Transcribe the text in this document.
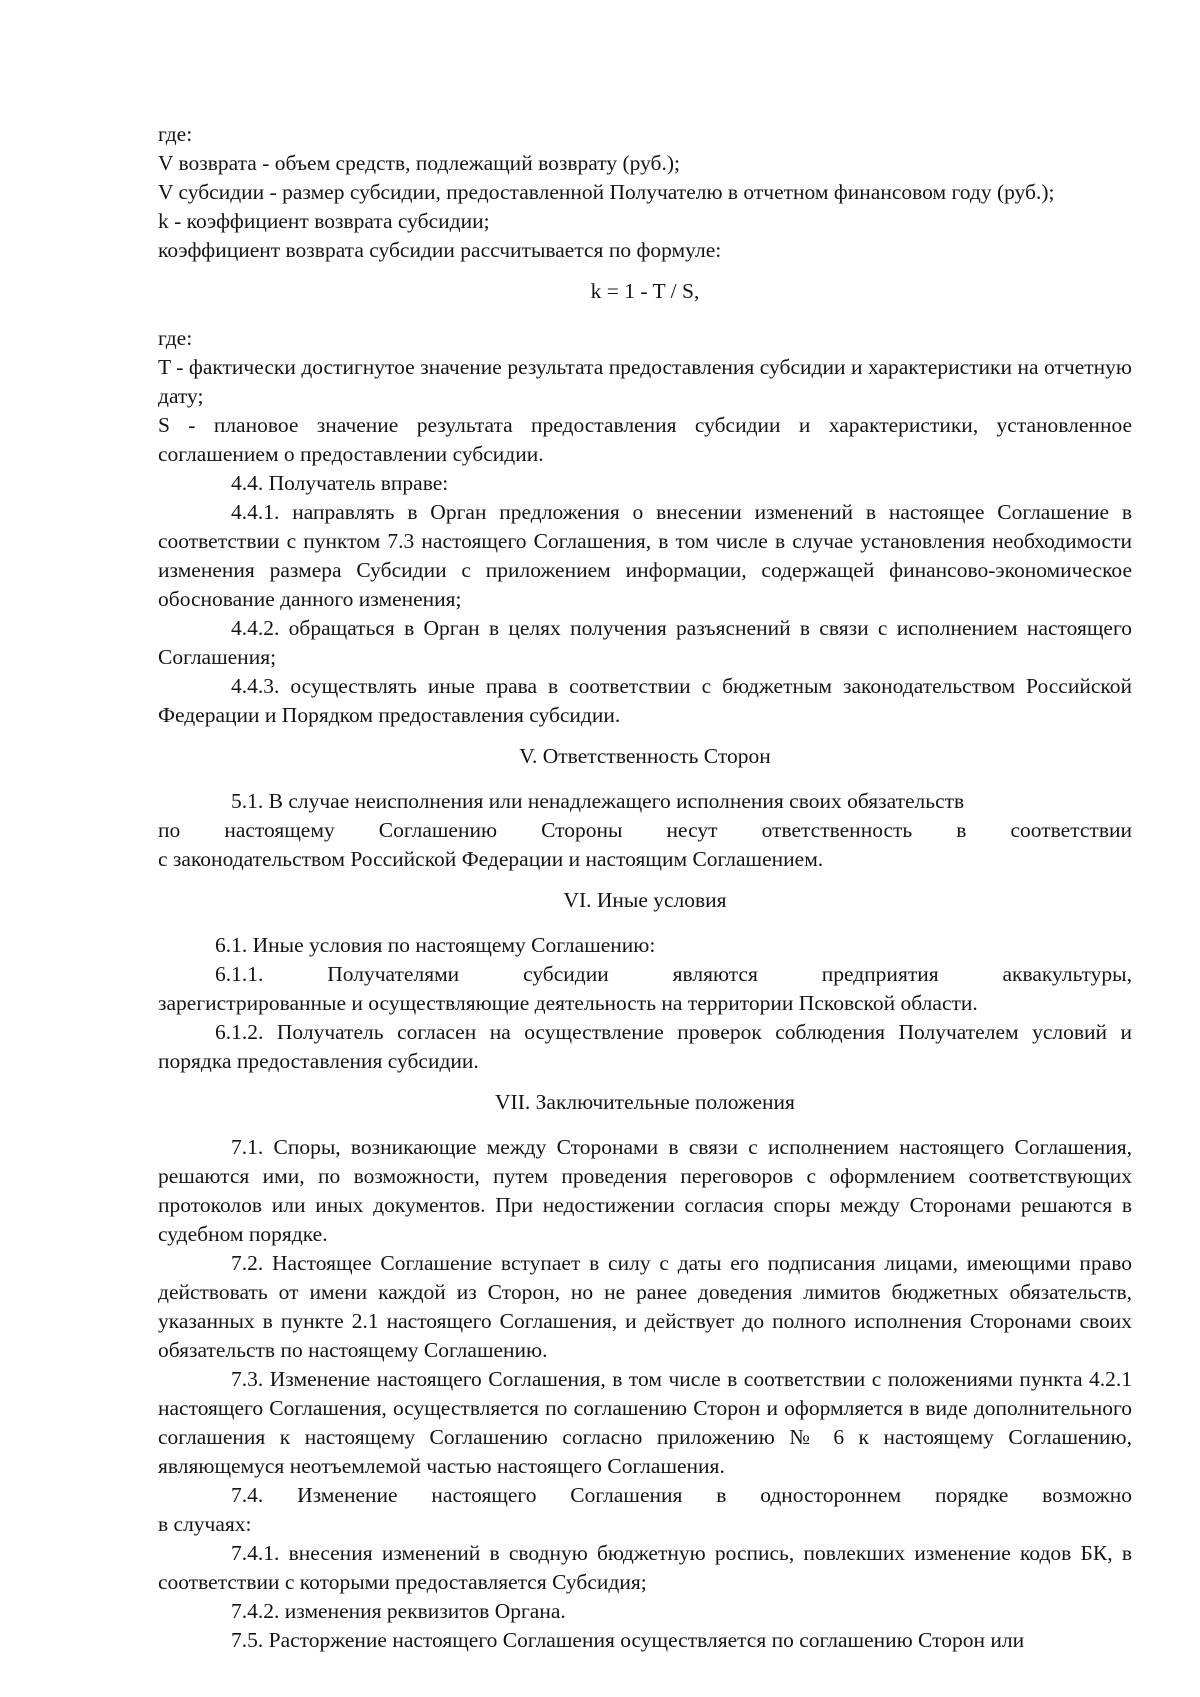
где:

V возврата - объем средств, подлежащий возврату (руб.);

V субсидии - размер субсидии, предоставленной Получателю в отчетном финансовом году (руб.);

k - коэффициент возврата субсидии;

коэффициент возврата субсидии рассчитывается по формуле:

k = 1 - T / S,

где:

T - фактически достигнутое значение результата предоставления субсидии и характеристики на отчетную дату;

S - плановое значение результата предоставления субсидии и характеристики, установленное соглашением о предоставлении субсидии.

4.4. Получатель вправе:

4.4.1. направлять в Орган предложения о внесении изменений в настоящее Соглашение в соответствии с пунктом 7.3 настоящего Соглашения, в том числе в случае установления необходимости изменения размера Субсидии с приложением информации, содержащей финансово-экономическое обоснование данного изменения;

4.4.2. обращаться в Орган в целях получения разъяснений в связи с исполнением настоящего Соглашения;

4.4.3. осуществлять иные права в соответствии с бюджетным законодательством Российской Федерации и Порядком предоставления субсидии.

V. Ответственность Сторон

5.1. В случае неисполнения или ненадлежащего исполнения своих обязательств

по настоящему Соглашению Стороны несут ответственность в соответствии

с законодательством Российской Федерации и настоящим Соглашением.

VI. Иные условия

6.1. Иные условия по настоящему Соглашению:

6.1.1. Получателями субсидии являются предприятия аквакультуры,

зарегистрированные и осуществляющие деятельность на территории Псковской области.

6.1.2. Получатель согласен на осуществление проверок соблюдения Получателем условий и порядка предоставления субсидии.

VII. Заключительные положения

7.1. Споры, возникающие между Сторонами в связи с исполнением настоящего Соглашения, решаются ими, по возможности, путем проведения переговоров с оформлением соответствующих протоколов или иных документов. При недостижении согласия споры между Сторонами решаются в судебном порядке.

7.2. Настоящее Соглашение вступает в силу с даты его подписания лицами, имеющими право действовать от имени каждой из Сторон, но не ранее доведения лимитов бюджетных обязательств, указанных в пункте 2.1 настоящего Соглашения, и действует до полного исполнения Сторонами своих обязательств по настоящему Соглашению.

7.3. Изменение настоящего Соглашения, в том числе в соответствии с положениями пункта 4.2.1 настоящего Соглашения, осуществляется по соглашению Сторон и оформляется в виде дополнительного соглашения к настоящему Соглашению согласно приложению № 6 к настоящему Соглашению, являющемуся неотъемлемой частью настоящего Соглашения.

7.4. Изменение настоящего Соглашения в одностороннем порядке возможно

в случаях:

7.4.1. внесения изменений в сводную бюджетную роспись, повлекших изменение кодов БК, в соответствии с которыми предоставляется Субсидия;

7.4.2. изменения реквизитов Органа.

7.5. Расторжение настоящего Соглашения осуществляется по соглашению Сторон или
